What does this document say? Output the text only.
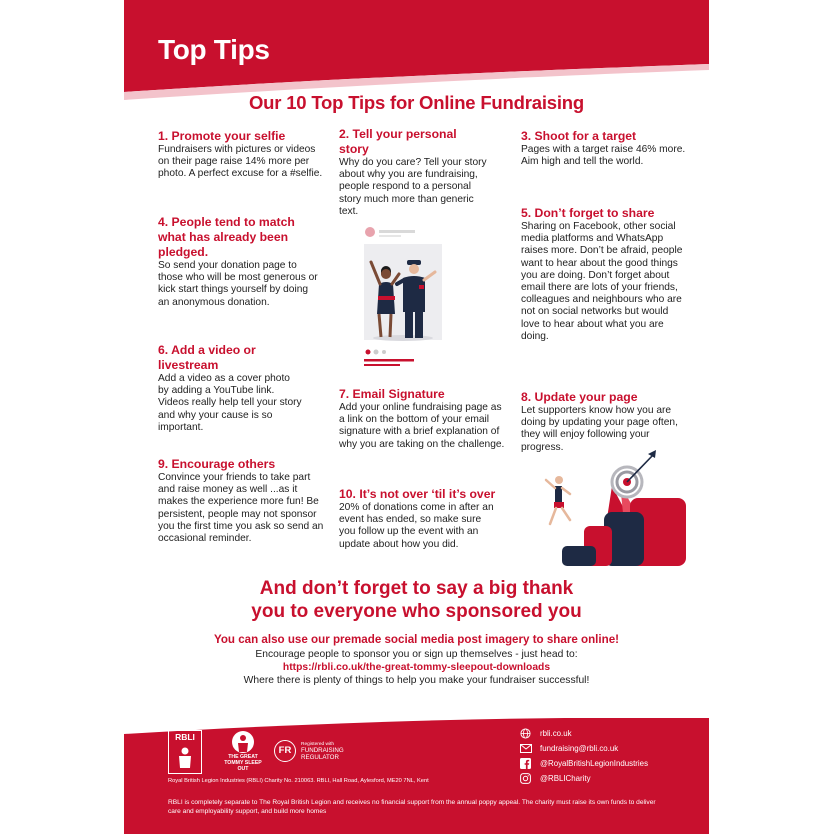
Top Tips
Our 10 Top Tips for Online Fundraising
1. Promote your selfie

Fundraisers with pictures or videos on their page raise 14% more per photo. A perfect excuse for a #selfie.

4. People tend to match what has already been pledged.

So send your donation page to those who will be most generous or kick start things yourself by doing an anonymous donation.

6. Add a video or livestream

Add a video as a cover photo by adding a YouTube link. Videos really help tell your story and why your cause is so important.

9. Encourage others

Convince your friends to take part and raise money as well ...as it makes the experience more fun! Be persistent, people may not sponsor you the first time you ask so send an occasional reminder.

2. Tell your personal story

Why do you care? Tell your story about why you are fundraising, people respond to a personal story much more than generic text.

7. Email Signature

Add your online fundraising page as a link on the bottom of your email signature with a brief explanation of why you are taking on the challenge.

10. It’s not over ‘til it’s over

20% of donations come in after an event has ended, so make sure you follow up the event with an update about how you did.

3. Shoot for a target

Pages with a target raise 46% more. Aim high and tell the world.

5. Don’t forget to share

Sharing on Facebook, other social media platforms and WhatsApp raises more. Don’t be afraid, people want to hear about the good things you are doing. Don’t forget about email there are lots of your friends, colleagues and neighbours who are not on social networks but would love to hear about what you are doing.

8. Update your page

Let supporters know how you are doing by updating your page often, they will enjoy following your progress.

And don’t forget to say a big thank
you to everyone who sponsored you
You can also use our premade social media post imagery to share online!
Encourage people to sponsor you or sign up themselves - just head to:
https://rbli.co.uk/the-great-tommy-sleepout-downloads
Where there is plenty of things to help you make your fundraiser successful!
RBLI
THE GREAT TOMMY SLEEP OUT
FR
Registered with
FUNDRAISING REGULATOR
Royal British Legion Industries (RBLI) Charity No. 210063. RBLI, Hall Road, Aylesford, ME20 7NL, Kent
rbli.co.uk
fundraising@rbli.co.uk
@RoyalBritishLegionIndustries
@RBLICharity
RBLI is completely separate to The Royal British Legion and receives no financial support from the annual poppy appeal. The charity must raise its own funds to deliver care and employability support, and build more homes
